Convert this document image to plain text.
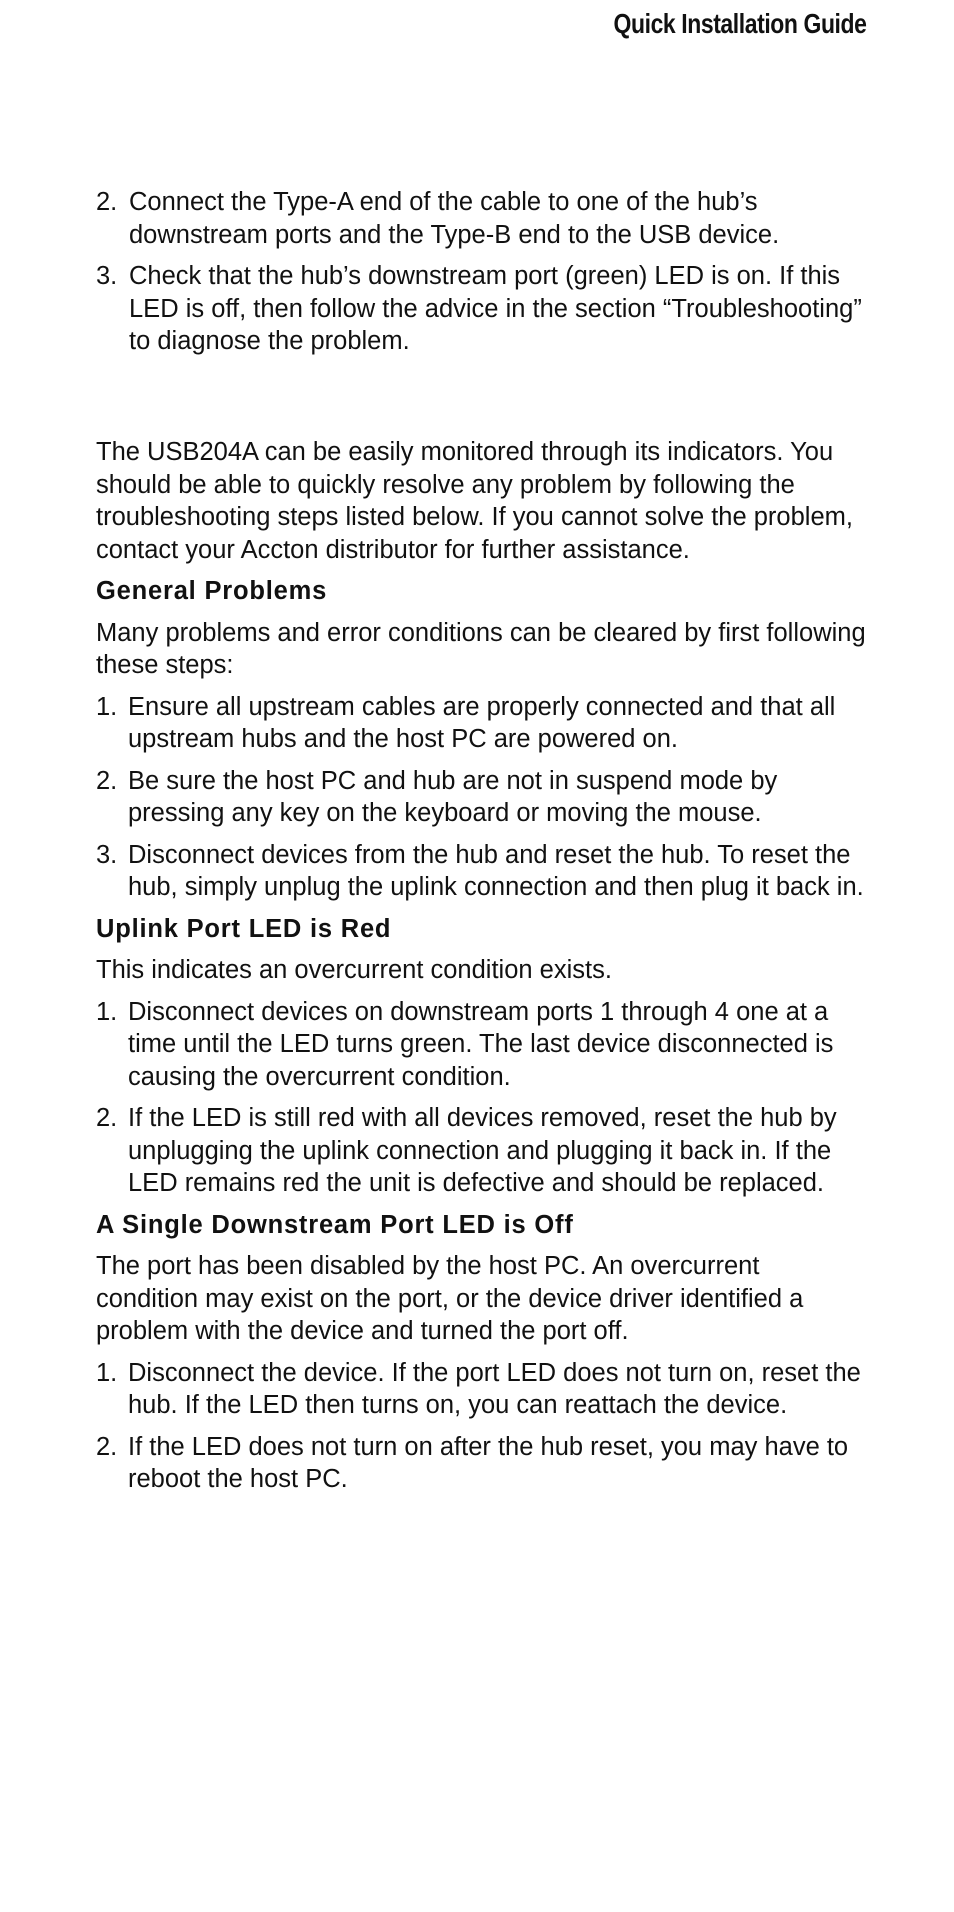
Quick Installation Guide
2. Connect the Type-A end of the cable to one of the hub’s downstream ports and the Type-B end to the USB device.
3. Check that the hub’s downstream port (green) LED is on. If this LED is off, then follow the advice in the section “Troubleshooting” to diagnose the problem.

The USB204A can be easily monitored through its indicators. You should be able to quickly resolve any problem by following the troubleshooting steps listed below. If you cannot solve the problem, contact your Accton distributor for further assistance.

General Problems

Many problems and error conditions can be cleared by first following these steps:

1. Ensure all upstream cables are properly connected and that all upstream hubs and the host PC are powered on.
2. Be sure the host PC and hub are not in suspend mode by pressing any key on the keyboard or moving the mouse.
3. Disconnect devices from the hub and reset the hub. To reset the hub, simply unplug the uplink connection and then plug it back in.
Uplink Port LED is Red

This indicates an overcurrent condition exists.

1. Disconnect devices on downstream ports 1 through 4 one at a time until the LED turns green. The last device disconnected is causing the overcurrent condition.
2. If the LED is still red with all devices removed, reset the hub by unplugging the uplink connection and plugging it back in. If the LED remains red the unit is defective and should be replaced.
A Single Downstream Port LED is Off

The port has been disabled by the host PC. An overcurrent condition may exist on the port, or the device driver identified a problem with the device and turned the port off.

1. Disconnect the device. If the port LED does not turn on, reset the hub. If the LED then turns on, you can reattach the device.
2. If the LED does not turn on after the hub reset, you may have to reboot the host PC.
